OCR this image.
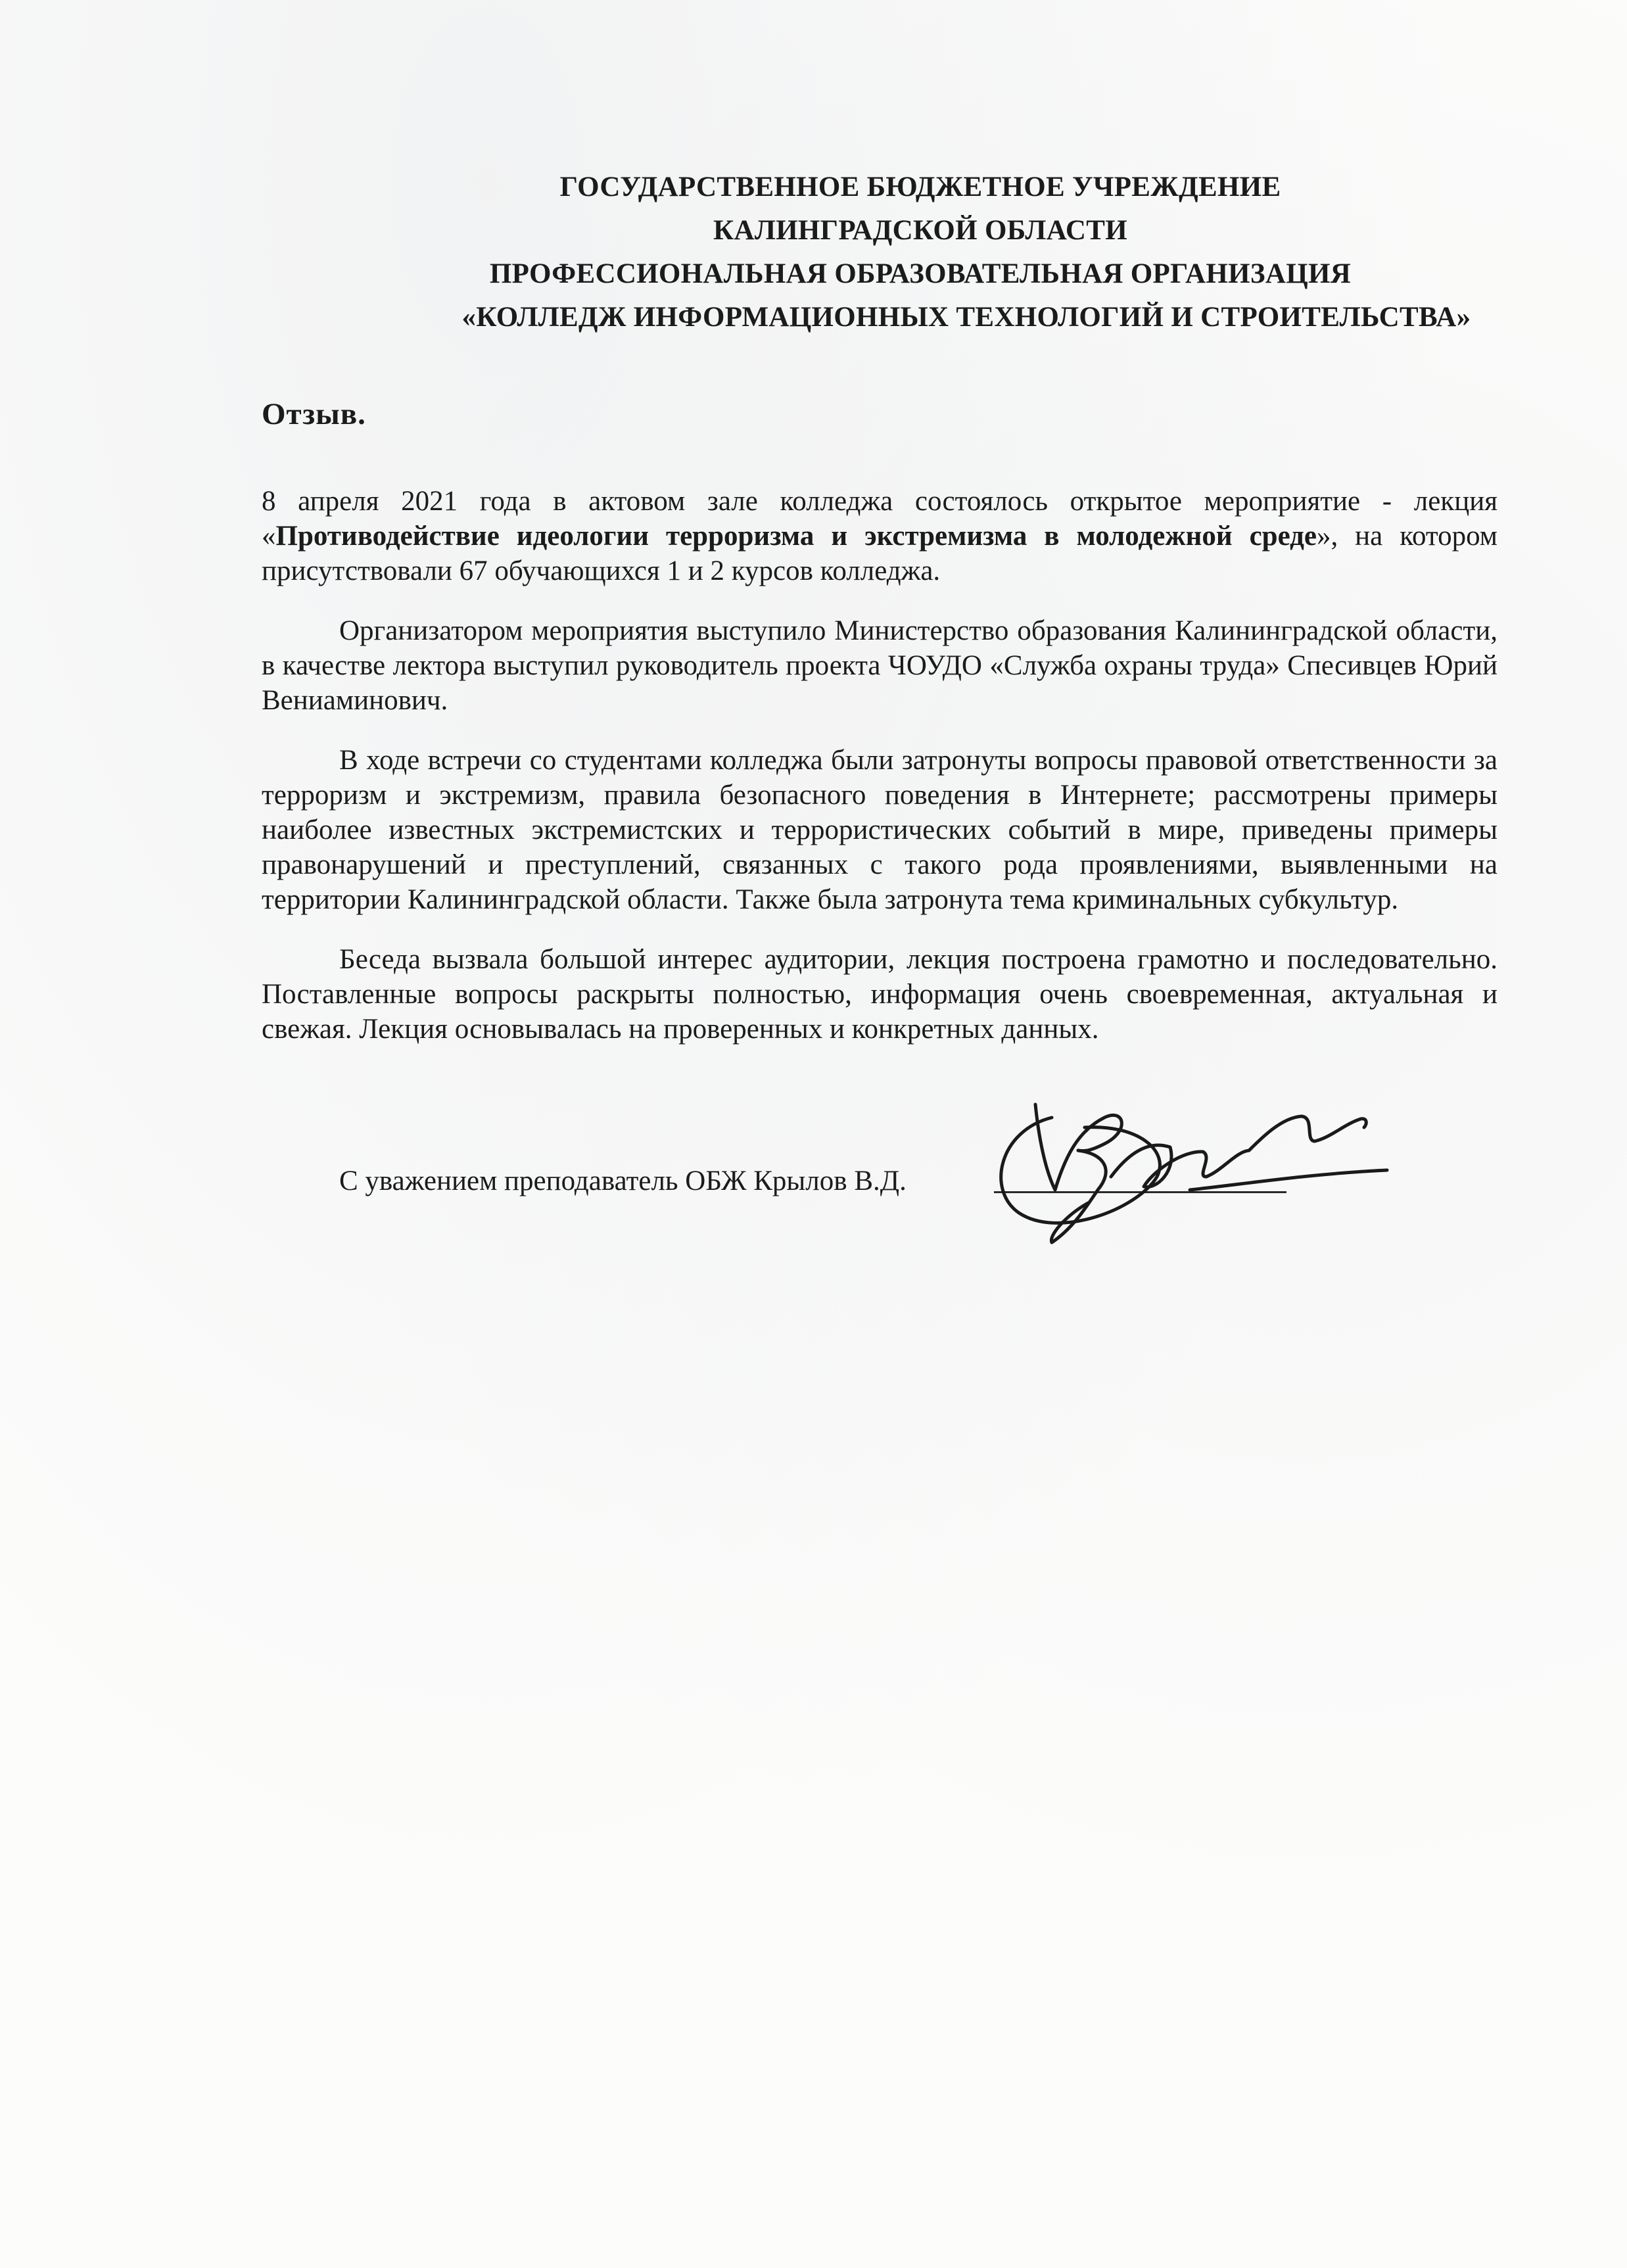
ГОСУДАРСТВЕННОЕ БЮДЖЕТНОЕ УЧРЕЖДЕНИЕ
КАЛИНГРАДСКОЙ ОБЛАСТИ
ПРОФЕССИОНАЛЬНАЯ ОБРАЗОВАТЕЛЬНАЯ ОРГАНИЗАЦИЯ
«КОЛЛЕДЖ ИНФОРМАЦИОННЫХ ТЕХНОЛОГИЙ И СТРОИТЕЛЬСТВА»
Отзыв.

8 апреля 2021 года в актовом зале колледжа состоялось открытое мероприятие - лекция «Противодействие идеологии терроризма и экстремизма в молодежной среде», на котором присутствовали 67 обучающихся 1 и 2 курсов колледжа.

Организатором мероприятия выступило Министерство образования Калининградской области, в качестве лектора выступил руководитель проекта ЧОУДО «Служба охраны труда» Спесивцев Юрий Вениаминович.

В ходе встречи со студентами колледжа были затронуты вопросы правовой ответственности за терроризм и экстремизм, правила безопасного поведения в Интернете; рассмотрены примеры наиболее известных экстремистских и террористических событий в мире, приведены примеры правонарушений и преступлений, связанных с такого рода проявлениями, выявленными на территории Калининградской области. Также была затронута тема криминальных субкультур.

Беседа вызвала большой интерес аудитории, лекция построена грамотно и последовательно. Поставленные вопросы раскрыты полностью, информация очень своевременная, актуальная и свежая. Лекция основывалась на проверенных и конкретных данных.

С уважением преподаватель ОБЖ Крылов В.Д.
